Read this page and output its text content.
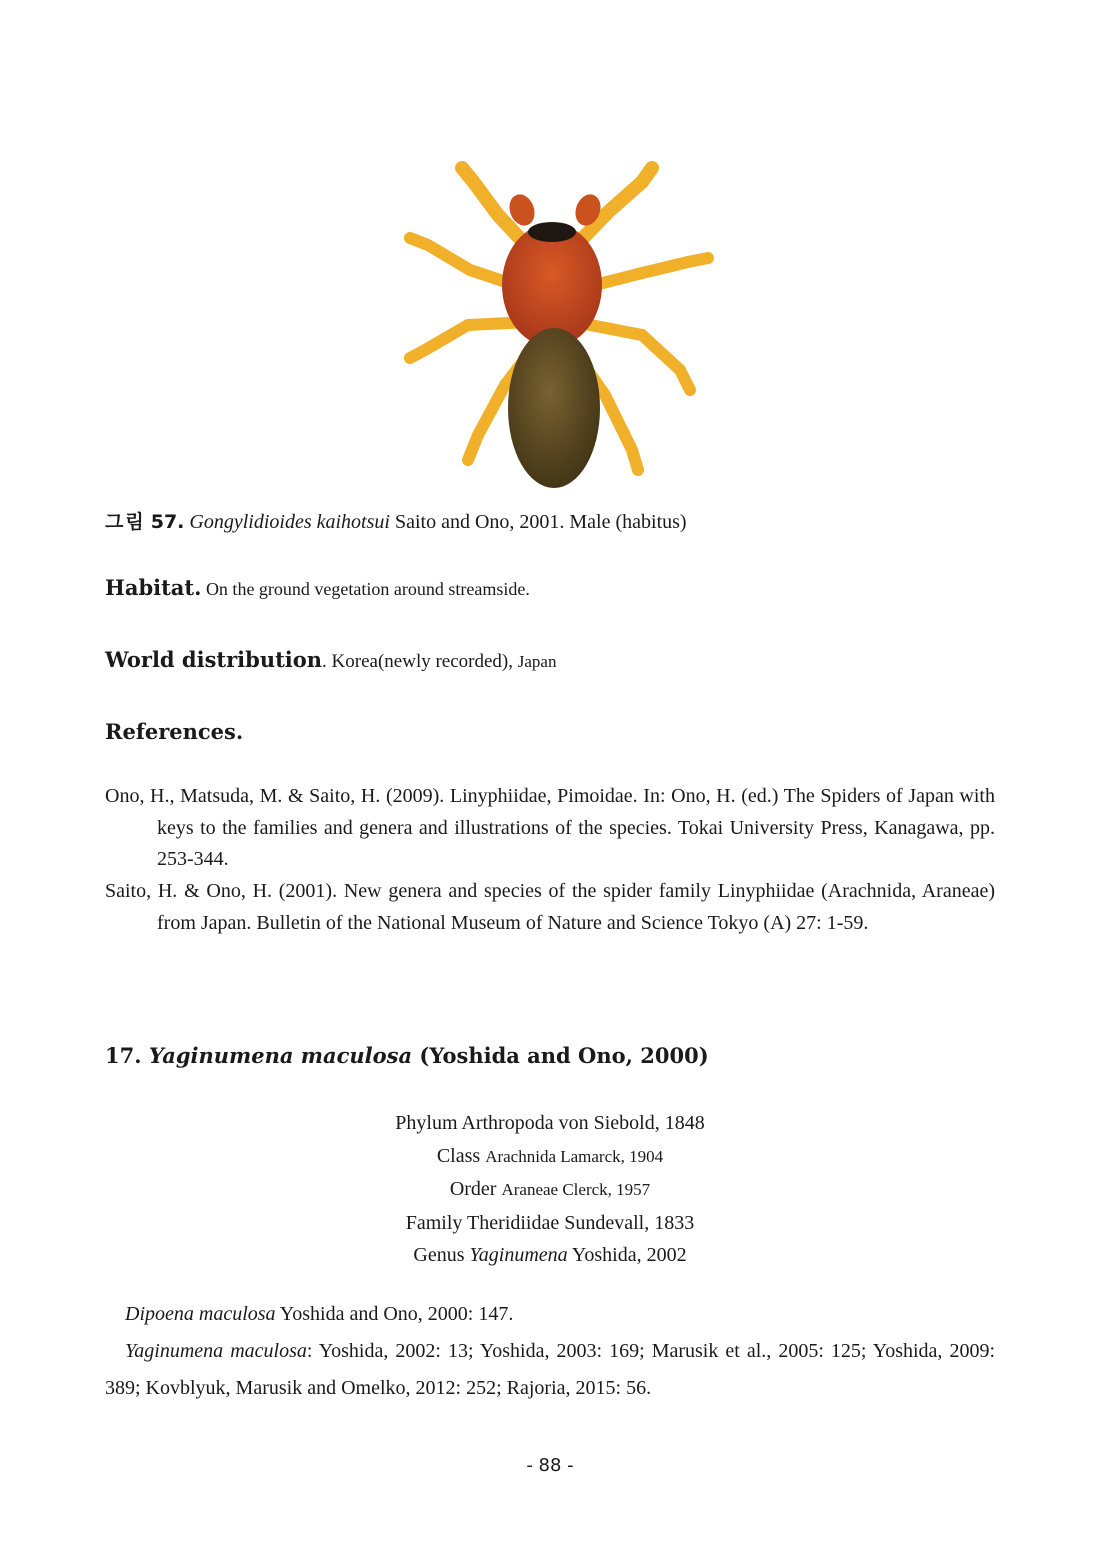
그림 57. Gongylidioides kaihotsui Saito and Ono, 2001. Male (habitus)
Habitat. On the ground vegetation around streamside.
World distribution. Korea(newly recorded), Japan
References.
Ono, H., Matsuda, M. & Saito, H. (2009). Linyphiidae, Pimoidae. In: Ono, H. (ed.) The Spiders of Japan with keys to the families and genera and illustrations of the species. Tokai University Press, Kanagawa, pp. 253-344.
Saito, H. & Ono, H. (2001). New genera and species of the spider family Linyphiidae (Arachnida, Araneae) from Japan. Bulletin of the National Museum of Nature and Science Tokyo (A) 27: 1-59.
17. Yaginumena maculosa (Yoshida and Ono, 2000)
Phylum Arthropoda von Siebold, 1848
Class Arachnida Lamarck, 1904
Order Araneae Clerck, 1957
Family Theridiidae Sundevall, 1833
Genus Yaginumena Yoshida, 2002
Dipoena maculosa Yoshida and Ono, 2000: 147.
Yaginumena maculosa: Yoshida, 2002: 13; Yoshida, 2003: 169; Marusik et al., 2005: 125; Yoshida, 2009: 389; Kovblyuk, Marusik and Omelko, 2012: 252; Rajoria, 2015: 56.
- 88 -
